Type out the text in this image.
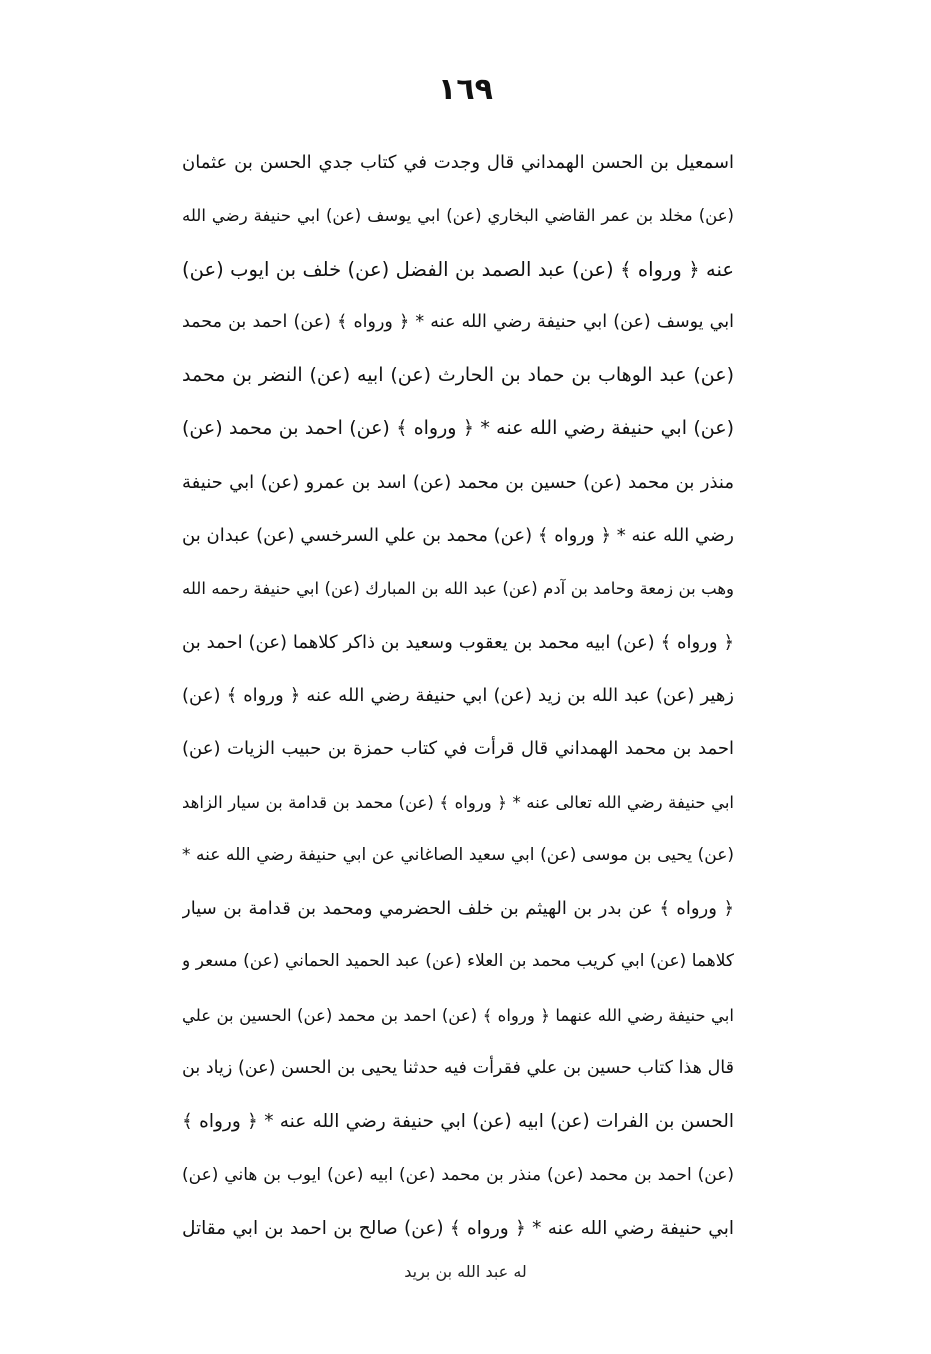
١٦٩
اسمعيل بن الحسن الهمداني قال وجدت في كتاب جدي الحسن بن عثمان
(عن) مخلد بن عمر القاضي البخاري (عن) ابي يوسف (عن) ابي حنيفة رضي الله
عنه ﴿ ورواه ﴾ (عن) عبد الصمد بن الفضل (عن) خلف بن ايوب (عن)
ابي يوسف (عن) ابي حنيفة رضي الله عنه * ﴿ ورواه ﴾ (عن) احمد بن محمد
(عن) عبد الوهاب بن حماد بن الحارث (عن) ابيه (عن) النضر بن محمد
(عن) ابي حنيفة رضي الله عنه * ﴿ ورواه ﴾ (عن) احمد بن محمد (عن)
منذر بن محمد (عن) حسين بن محمد (عن) اسد بن عمرو (عن) ابي حنيفة
رضي الله عنه * ﴿ ورواه ﴾ (عن) محمد بن علي السرخسي (عن) عبدان بن
وهب بن زمعة وحامد بن آدم (عن) عبد الله بن المبارك (عن) ابي حنيفة رحمه الله
﴿ ورواه ﴾ (عن) ابيه محمد بن يعقوب وسعيد بن ذاكر كلاهما (عن) احمد بن
زهير (عن) عبد الله بن زيد (عن) ابي حنيفة رضي الله عنه ﴿ ورواه ﴾ (عن)
احمد بن محمد الهمداني قال قرأت في كتاب حمزة بن حبيب الزيات (عن)
ابي حنيفة رضي الله تعالى عنه * ﴿ ورواه ﴾ (عن) محمد بن قدامة بن سيار الزاهد
(عن) يحيى بن موسى (عن) ابي سعيد الصاغاني عن ابي حنيفة رضي الله عنه *
﴿ ورواه ﴾ عن بدر بن الهيثم بن خلف الحضرمي ومحمد بن قدامة بن سيار
كلاهما (عن) ابي كريب محمد بن العلاء (عن) عبد الحميد الحماني (عن) مسعر و
ابي حنيفة رضي الله عنهما ﴿ ورواه ﴾ (عن) احمد بن محمد (عن) الحسين بن علي
قال هذا كتاب حسين بن علي فقرأت فيه حدثنا يحيى بن الحسن (عن) زياد بن
الحسن بن الفرات (عن) ابيه (عن) ابي حنيفة رضي الله عنه * ﴿ ورواه ﴾
(عن) احمد بن محمد (عن) منذر بن محمد (عن) ابيه (عن) ايوب بن هاني (عن)
ابي حنيفة رضي الله عنه * ﴿ ورواه ﴾ (عن) صالح بن احمد بن ابي مقاتل
له عبد الله بن بريد
